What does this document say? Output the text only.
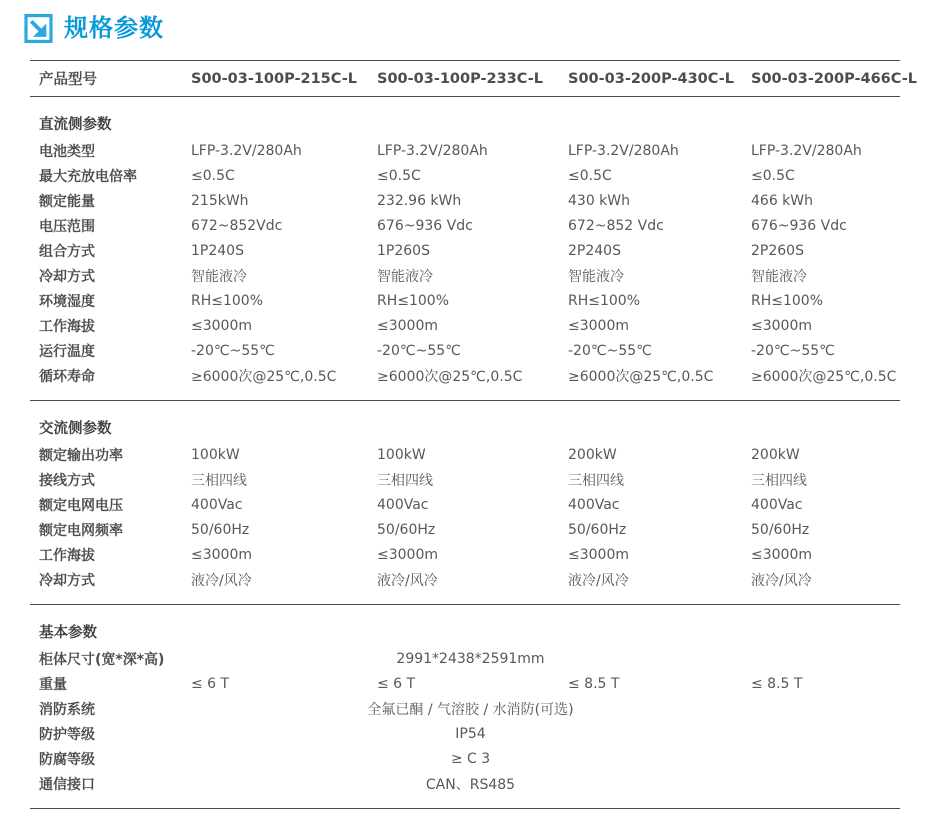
规格参数
产品型号	S00-03-100P-215C-L	S00-03-100P-233C-L	S00-03-200P-430C-L	S00-03-200P-466C-L
直流侧参数
电池类型	LFP-3.2V/280Ah	LFP-3.2V/280Ah	LFP-3.2V/280Ah	LFP-3.2V/280Ah
最大充放电倍率	≤0.5C	≤0.5C	≤0.5C	≤0.5C
额定能量	215kWh	232.96 kWh	430 kWh	466 kWh
电压范围	672~852Vdc	676~936 Vdc	672~852 Vdc	676~936 Vdc
组合方式	1P240S	1P260S	2P240S	2P260S
冷却方式	智能液冷	智能液冷	智能液冷	智能液冷
环境湿度	RH≤100%	RH≤100%	RH≤100%	RH≤100%
工作海拔	≤3000m	≤3000m	≤3000m	≤3000m
运行温度	-20℃~55℃	-20℃~55℃	-20℃~55℃	-20℃~55℃
循环寿命	≥6000次@25℃,0.5C	≥6000次@25℃,0.5C	≥6000次@25℃,0.5C	≥6000次@25℃,0.5C
交流侧参数
额定输出功率	100kW	100kW	200kW	200kW
接线方式	三相四线	三相四线	三相四线	三相四线
额定电网电压	400Vac	400Vac	400Vac	400Vac
额定电网频率	50/60Hz	50/60Hz	50/60Hz	50/60Hz
工作海拔	≤3000m	≤3000m	≤3000m	≤3000m
冷却方式	液冷/风冷	液冷/风冷	液冷/风冷	液冷/风冷
基本参数
柜体尺寸(宽*深*高)	2991*2438*2591mm
重量	≤ 6 T	≤ 6 T	≤ 8.5 T	≤ 8.5 T
消防系统	全氟已酮 / 气溶胶 / 水消防(可选)
防护等级	IP54
防腐等级	≥ C 3
通信接口	CAN、RS485
